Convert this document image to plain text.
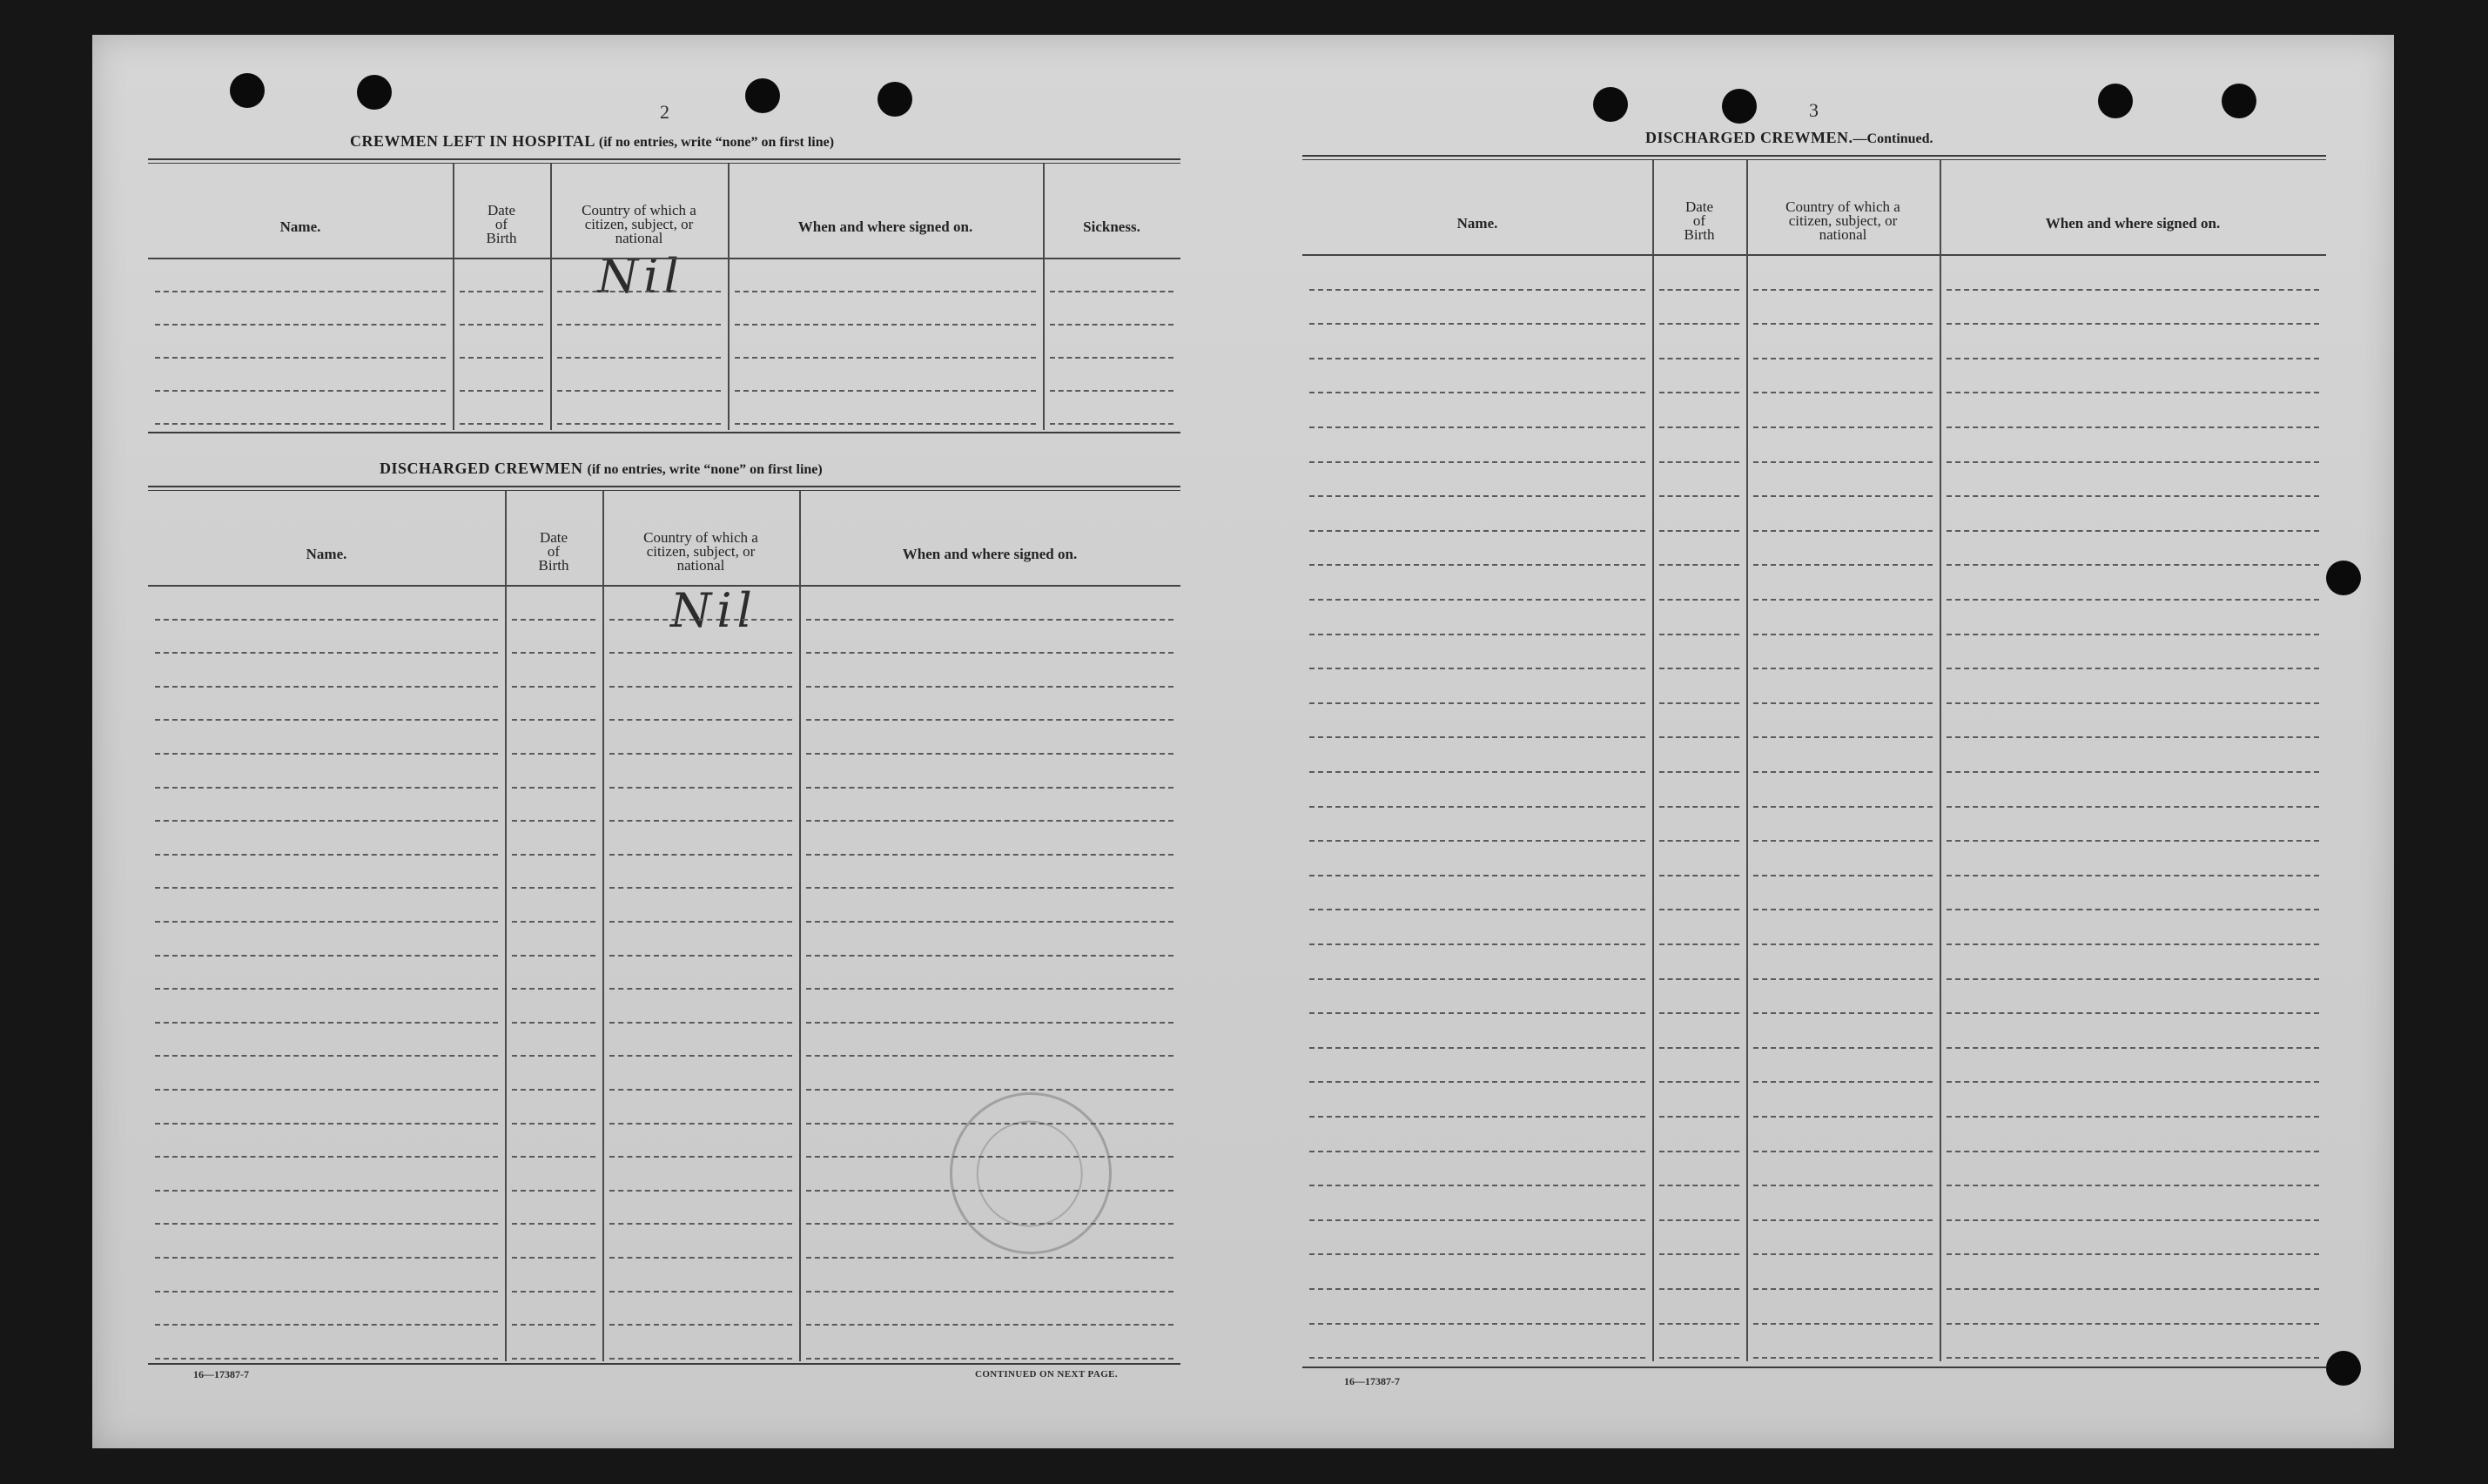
2
CREWMEN LEFT IN HOSPITAL (if no entries, write “none” on first line)
Name.
Date
of
Birth
Country of which a
citizen, subject, or
national
When and where signed on.	Sickness.
Nil
DISCHARGED CREWMEN (if no entries, write “none” on first line)
Name.
Date
of
Birth
Country of which a
citizen, subject, or
national
When and where signed on.
Nil
16—17387-7	CONTINUED ON NEXT PAGE.
3
DISCHARGED CREWMEN.—Continued.
Name.
Date
of
Birth
Country of which a
citizen, subject, or
national
When and where signed on.
16—17387-7
